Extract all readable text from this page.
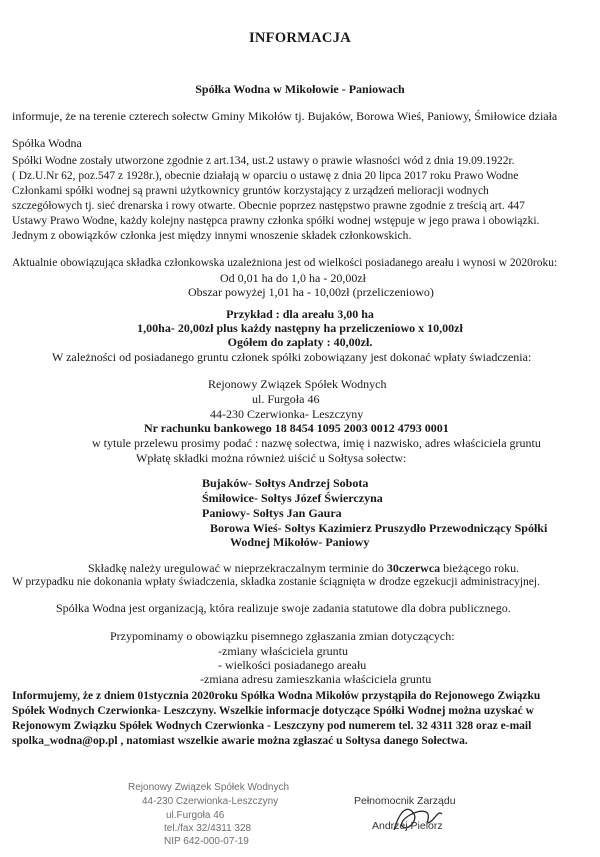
INFORMACJA
Spółka Wodna w Mikołowie - Paniowach
informuje, że na terenie czterech sołectw Gminy Mikołów tj. Bujaków, Borowa Wieś, Paniowy, Śmiłowice działa
Spółka Wodna
Spółki Wodne zostały utworzone zgodnie z art.134, ust.2 ustawy o prawie własności wód z dnia 19.09.1922r.
( Dz.U.Nr 62, poz.547 z 1928r.), obecnie działają w oparciu o ustawę z dnia 20 lipca 2017 roku Prawo Wodne
Członkami spółki wodnej są prawni użytkownicy gruntów korzystający z urządzeń melioracji wodnych
szczegółowych tj. sieć drenarska i rowy otwarte. Obecnie poprzez następstwo prawne zgodnie z treścią art. 447
Ustawy Prawo Wodne, każdy kolejny następca prawny członka spółki wodnej wstępuje w jego prawa i obowiązki.
Jednym z obowiązków członka jest między innymi wnoszenie składek członkowskich.
Aktualnie obowiązująca składka członkowska uzależniona jest od wielkości posiadanego areału i wynosi w 2020roku:
Od 0,01 ha do 1,0 ha - 20,00zł
Obszar powyżej 1,01 ha - 10,00zł (przeliczeniowo)
Przykład : dla areału 3,00 ha
1,00ha- 20,00zł plus każdy następny ha przeliczeniowo x 10,00zł
Ogółem do zapłaty : 40,00zł.
W zależności od posiadanego gruntu członek spółki zobowiązany jest dokonać wpłaty świadczenia:
Rejonowy Związek Spółek Wodnych
ul. Furgoła 46
44-230 Czerwionka- Leszczyny
Nr rachunku bankowego 18 8454 1095 2003 0012 4793 0001
w tytule przelewu prosimy podać : nazwę sołectwa, imię i nazwisko, adres właściciela gruntu
Wpłatę składki można również uiścić u Sołtysa sołectw:
Bujaków- Sołtys Andrzej Sobota
Śmiłowice- Sołtys Józef Świerczyna
Paniowy- Sołtys Jan Gaura
Borowa Wieś- Sołtys Kazimierz Pruszydło Przewodniczący Spółki
Wodnej Mikołów- Paniowy
Składkę należy uregulować w nieprzekraczalnym terminie do 30czerwca bieżącego roku.
W przypadku nie dokonania wpłaty świadczenia, składka zostanie ściągnięta w drodze egzekucji administracyjnej.
Spółka Wodna jest organizacją, która realizuje swoje zadania statutowe dla dobra publicznego.
Przypominamy o obowiązku pisemnego zgłaszania zmian dotyczących:
-zmiany właściciela gruntu
- wielkości posiadanego areału
-zmiana adresu zamieszkania właściciela gruntu
Informujemy, że z dniem 01stycznia 2020roku Spółka Wodna Mikołów przystąpiła do Rejonowego Związku
Spółek Wodnych Czerwionka- Leszczyny. Wszelkie informacje dotyczące Spółki Wodnej można uzyskać w
Rejonowym Związku Spółek Wodnych Czerwionka - Leszczyny pod numerem tel. 32 4311 328 oraz e-mail
spolka_wodna@op.pl , natomiast wszelkie awarie można zgłaszać u Sołtysa danego Sołectwa.
Rejonowy Związek Spółek Wodnych
44-230 Czerwionka-Leszczyny
ul.Furgoła 46
tel./fax 32/4311 328
NIP 642-000-07-19
Pełnomocnik Zarządu
Andrzej Pielorz
